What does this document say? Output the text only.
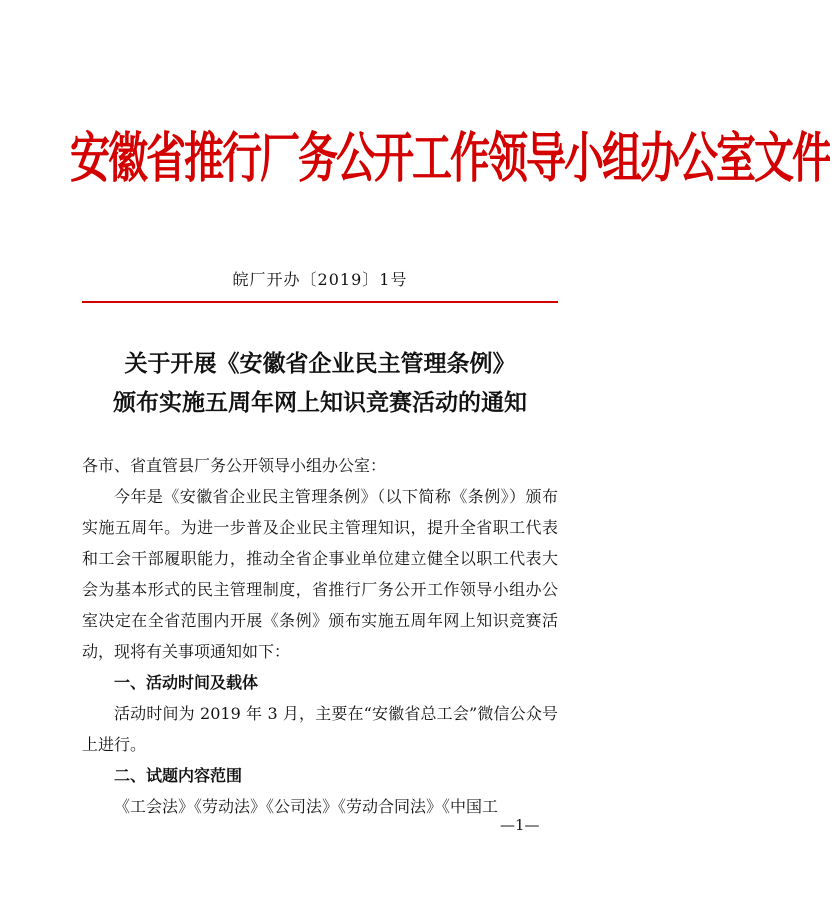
安徽省推行厂务公开工作领导小组办公室文件
皖厂开办〔2019〕1号
关于开展《安徽省企业民主管理条例》
颁布实施五周年网上知识竞赛活动的通知

各市、省直管县厂务公开领导小组办公室：

今年是《安徽省企业民主管理条例》（以下简称《条例》）颁布实施五周年。为进一步普及企业民主管理知识，提升全省职工代表和工会干部履职能力，推动全省企事业单位建立健全以职工代表大会为基本形式的民主管理制度，省推行厂务公开工作领导小组办公室决定在全省范围内开展《条例》颁布实施五周年网上知识竞赛活动，现将有关事项通知如下：

一、活动时间及载体

活动时间为 2019 年 3 月，主要在“安徽省总工会”微信公众号上进行。

二、试题内容范围

《工会法》《劳动法》《公司法》《劳动合同法》《中国工

—1—
